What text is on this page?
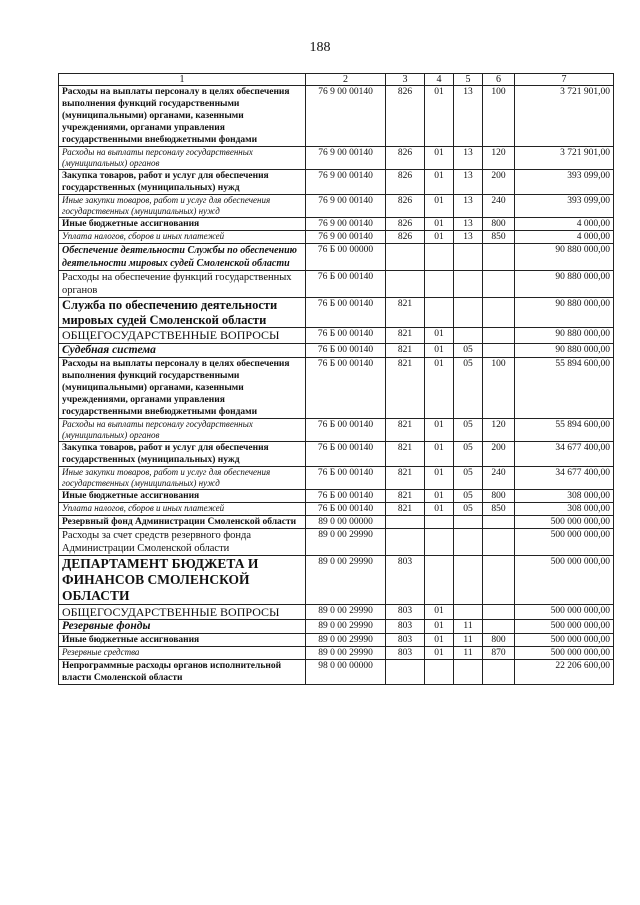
188
1	2	3	4	5	6	7
Расходы на выплаты персоналу в целях обеспечения выполнения функций государственными (муниципальными) органами, казенными учреждениями, органами управления государственными внебюджетными фондами	76 9 00 00140	826	01	13	100	3 721 901,00
Расходы на выплаты персоналу государственных (муниципальных) органов	76 9 00 00140	826	01	13	120	3 721 901,00
Закупка товаров, работ и услуг для обеспечения государственных (муниципальных) нужд	76 9 00 00140	826	01	13	200	393 099,00
Иные закупки товаров, работ и услуг для обеспечения государственных (муниципальных) нужд	76 9 00 00140	826	01	13	240	393 099,00
Иные бюджетные ассигнования	76 9 00 00140	826	01	13	800	4 000,00
Уплата налогов, сборов и иных платежей	76 9 00 00140	826	01	13	850	4 000,00
Обеспечение деятельности Службы по обеспечению деятельности мировых судей Смоленской области	76 Б 00 00000					90 880 000,00
Расходы на обеспечение функций государственных органов	76 Б 00 00140					90 880 000,00
Служба по обеспечению деятельности мировых судей Смоленской области	76 Б 00 00140	821				90 880 000,00
ОБЩЕГОСУДАРСТВЕННЫЕ ВОПРОСЫ	76 Б 00 00140	821	01			90 880 000,00
Судебная система	76 Б 00 00140	821	01	05		90 880 000,00
Расходы на выплаты персоналу в целях обеспечения выполнения функций государственными (муниципальными) органами, казенными учреждениями, органами управления государственными внебюджетными фондами	76 Б 00 00140	821	01	05	100	55 894 600,00
Расходы на выплаты персоналу государственных (муниципальных) органов	76 Б 00 00140	821	01	05	120	55 894 600,00
Закупка товаров, работ и услуг для обеспечения государственных (муниципальных) нужд	76 Б 00 00140	821	01	05	200	34 677 400,00
Иные закупки товаров, работ и услуг для обеспечения государственных (муниципальных) нужд	76 Б 00 00140	821	01	05	240	34 677 400,00
Иные бюджетные ассигнования	76 Б 00 00140	821	01	05	800	308 000,00
Уплата налогов, сборов и иных платежей	76 Б 00 00140	821	01	05	850	308 000,00
Резервный фонд Администрации Смоленской области	89 0 00 00000					500 000 000,00
Расходы за счет средств резервного фонда Администрации Смоленской области	89 0 00 29990					500 000 000,00
ДЕПАРТАМЕНТ БЮДЖЕТА И ФИНАНСОВ СМОЛЕНСКОЙ ОБЛАСТИ	89 0 00 29990	803				500 000 000,00
ОБЩЕГОСУДАРСТВЕННЫЕ ВОПРОСЫ	89 0 00 29990	803	01			500 000 000,00
Резервные фонды	89 0 00 29990	803	01	11		500 000 000,00
Иные бюджетные ассигнования	89 0 00 29990	803	01	11	800	500 000 000,00
Резервные средства	89 0 00 29990	803	01	11	870	500 000 000,00
Непрограммные расходы органов исполнительной власти Смоленской области	98 0 00 00000					22 206 600,00
